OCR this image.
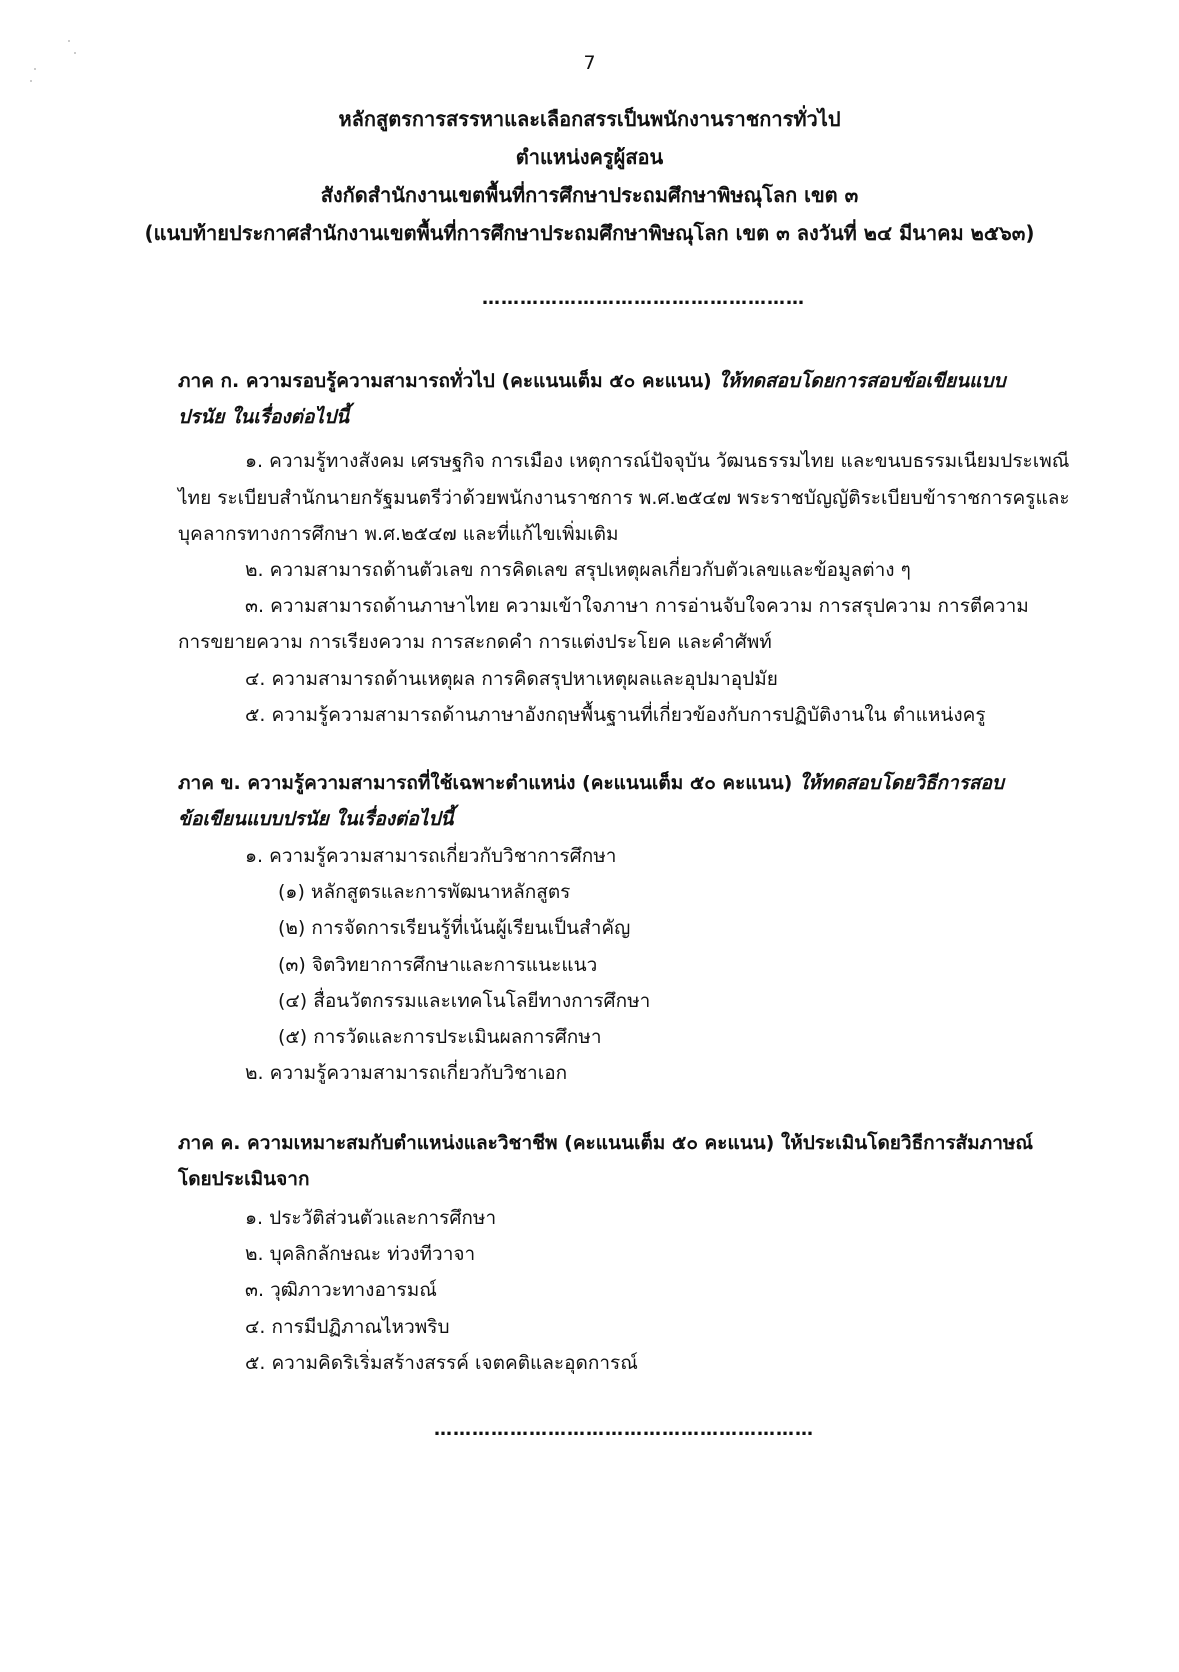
7
หลักสูตรการสรรหาและเลือกสรรเป็นพนักงานราชการทั่วไป
ตำแหน่งครูผู้สอน
สังกัดสำนักงานเขตพื้นที่การศึกษาประถมศึกษาพิษณุโลก เขต ๓
(แนบท้ายประกาศสำนักงานเขตพื้นที่การศึกษาประถมศึกษาพิษณุโลก เขต ๓ ลงวันที่ ๒๔ มีนาคม ๒๕๖๓)
……………………………………………
ภาค ก. ความรอบรู้ความสามารถทั่วไป (คะแนนเต็ม ๕๐ คะแนน) ให้ทดสอบโดยการสอบข้อเขียนแบบ
ปรนัย ในเรื่องต่อไปนี้
๑. ความรู้ทางสังคม เศรษฐกิจ การเมือง เหตุการณ์ปัจจุบัน วัฒนธรรมไทย และขนบธรรมเนียมประเพณี
ไทย ระเบียบสำนักนายกรัฐมนตรีว่าด้วยพนักงานราชการ พ.ศ.๒๕๔๗ พระราชบัญญัติระเบียบข้าราชการครูและ
บุคลากรทางการศึกษา พ.ศ.๒๕๔๗ และที่แก้ไขเพิ่มเติม
๒. ความสามารถด้านตัวเลข การคิดเลข สรุปเหตุผลเกี่ยวกับตัวเลขและข้อมูลต่าง ๆ
๓. ความสามารถด้านภาษาไทย ความเข้าใจภาษา การอ่านจับใจความ การสรุปความ การตีความ
การขยายความ การเรียงความ การสะกดคำ การแต่งประโยค และคำศัพท์
๔. ความสามารถด้านเหตุผล การคิดสรุปหาเหตุผลและอุปมาอุปมัย
๕. ความรู้ความสามารถด้านภาษาอังกฤษพื้นฐานที่เกี่ยวข้องกับการปฏิบัติงานใน ตำแหน่งครู
ภาค ข. ความรู้ความสามารถที่ใช้เฉพาะตำแหน่ง (คะแนนเต็ม ๕๐ คะแนน) ให้ทดสอบโดยวิธีการสอบ
ข้อเขียนแบบปรนัย ในเรื่องต่อไปนี้
๑. ความรู้ความสามารถเกี่ยวกับวิชาการศึกษา
(๑) หลักสูตรและการพัฒนาหลักสูตร
(๒) การจัดการเรียนรู้ที่เน้นผู้เรียนเป็นสำคัญ
(๓) จิตวิทยาการศึกษาและการแนะแนว
(๔) สื่อนวัตกรรมและเทคโนโลยีทางการศึกษา
(๕) การวัดและการประเมินผลการศึกษา
๒. ความรู้ความสามารถเกี่ยวกับวิชาเอก
ภาค ค. ความเหมาะสมกับตำแหน่งและวิชาชีพ (คะแนนเต็ม ๕๐ คะแนน) ให้ประเมินโดยวิธีการสัมภาษณ์
โดยประเมินจาก
๑. ประวัติส่วนตัวและการศึกษา
๒. บุคลิกลักษณะ ท่วงทีวาจา
๓. วุฒิภาวะทางอารมณ์
๔. การมีปฏิภาณไหวพริบ
๕. ความคิดริเริ่มสร้างสรรค์ เจตคติและอุดการณ์
……………………………………………………
